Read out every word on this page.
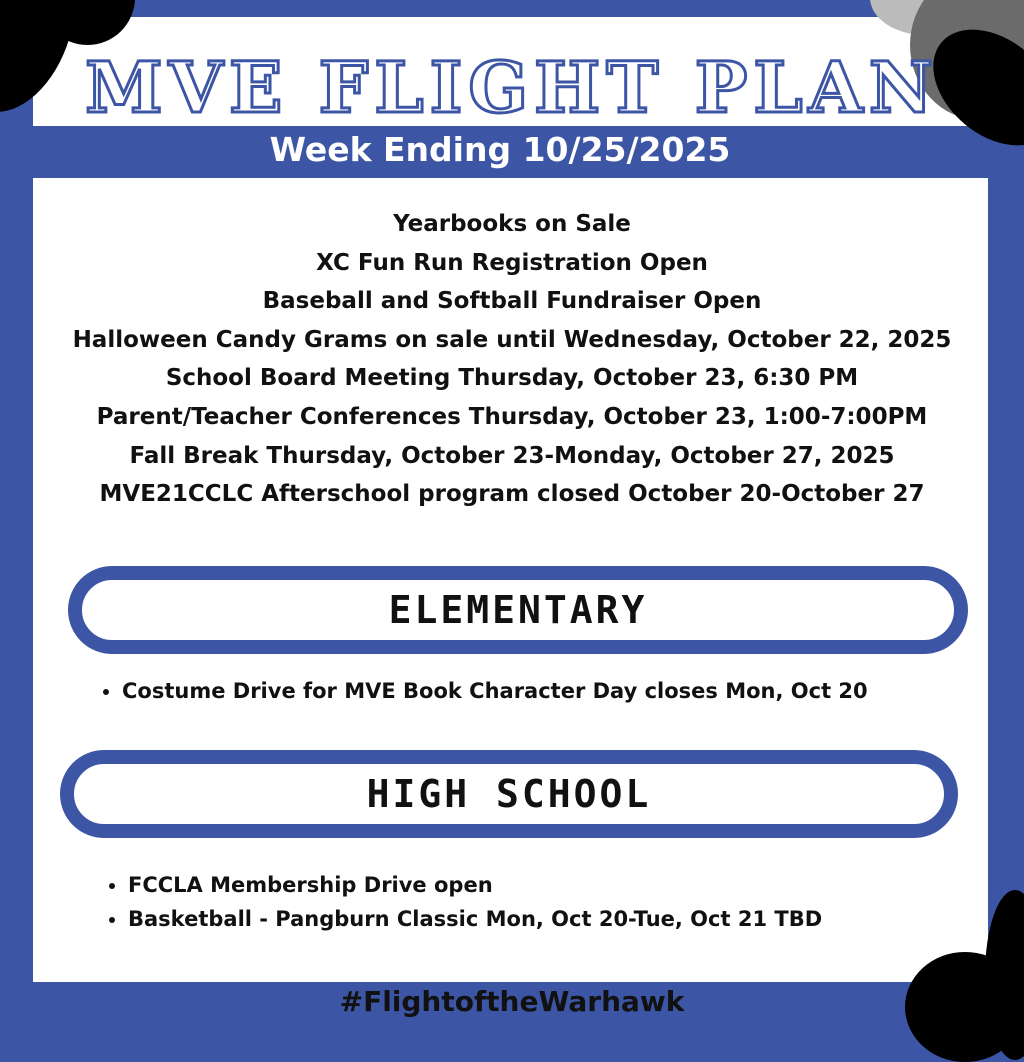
MVE FLIGHT PLAN
Week Ending 10/25/2025
Yearbooks on Sale
XC Fun Run Registration Open
Baseball and Softball Fundraiser Open
Halloween Candy Grams on sale until Wednesday, October 22, 2025
School Board Meeting Thursday, October 23, 6:30 PM
Parent/Teacher Conferences Thursday, October 23, 1:00-7:00PM
Fall Break Thursday, October 23-Monday, October 27, 2025
MVE21CCLC Afterschool program closed October 20-October 27
ELEMENTARY
• Costume Drive for MVE Book Character Day closes Mon, Oct 20
HIGH SCHOOL
• FCCLA Membership Drive open
• Basketball - Pangburn Classic Mon, Oct 20-Tue, Oct 21 TBD
#FlightoftheWarhawk
